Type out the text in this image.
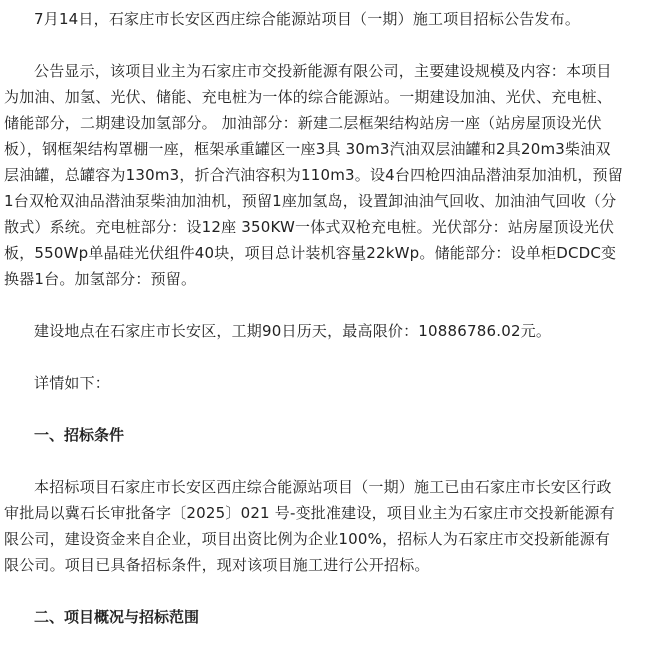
7月14日，石家庄市长安区西庄综合能源站项目（一期）施工项目招标公告发布。

公告显示，该项目业主为石家庄市交投新能源有限公司，主要建设规模及内容：本项目为加油、加氢、光伏、储能、充电桩为一体的综合能源站。一期建设加油、光伏、充电桩、储能部分，二期建设加氢部分。 加油部分：新建二层框架结构站房一座（站房屋顶设光伏板），钢框架结构罩棚一座，框架承重罐区一座3具 30m3汽油双层油罐和2具20m3柴油双层油罐，总罐容为130m3，折合汽油容积为110m3。设4台四枪四油品潜油泵加油机，预留1台双枪双油品潜油泵柴油加油机，预留1座加氢岛，设置卸油油气回收、加油油气回收（分散式）系统。充电桩部分：设12座 350KW一体式双枪充电桩。光伏部分：站房屋顶设光伏板，550Wp单晶硅光伏组件40块，项目总计装机容量22kWp。储能部分：设单柜DCDC变换器1台。加氢部分：预留。

建设地点在石家庄市长安区，工期90日历天，最高限价：10886786.02元。

详情如下：

一、招标条件

本招标项目石家庄市长安区西庄综合能源站项目（一期）施工已由石家庄市长安区行政审批局以冀石长审批备字〔2025〕021 号-变批准建设，项目业主为石家庄市交投新能源有限公司，建设资金来自企业，项目出资比例为企业100%，招标人为石家庄市交投新能源有限公司。项目已具备招标条件，现对该项目施工进行公开招标。

二、项目概况与招标范围
